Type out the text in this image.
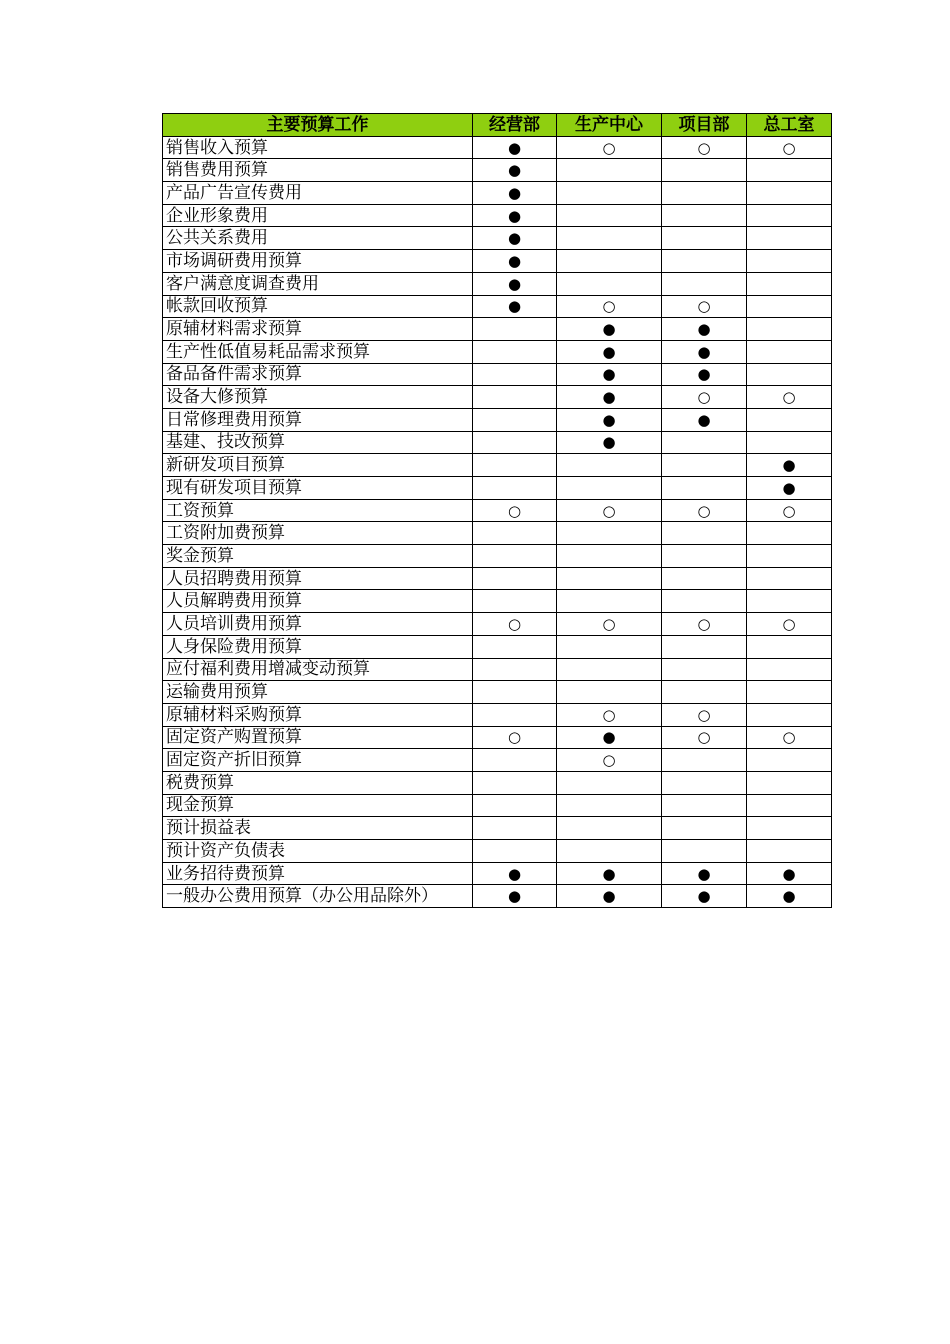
主要预算工作	经营部	生产中心	项目部	总工室
销售收入预算	●	○	○	○
销售费用预算	●			
产品广告宣传费用	●			
企业形象费用	●			
公共关系费用	●			
市场调研费用预算	●			
客户满意度调查费用	●			
帐款回收预算	●	○	○	
原辅材料需求预算		●	●	
生产性低值易耗品需求预算		●	●	
备品备件需求预算		●	●	
设备大修预算		●	○	○
日常修理费用预算		●	●	
基建、技改预算		●		
新研发项目预算				●
现有研发项目预算				●
工资预算	○	○	○	○
工资附加费预算				
奖金预算				
人员招聘费用预算				
人员解聘费用预算				
人员培训费用预算	○	○	○	○
人身保险费用预算				
应付福利费用增减变动预算				
运输费用预算				
原辅材料采购预算		○	○	
固定资产购置预算	○	●	○	○
固定资产折旧预算		○		
税费预算				
现金预算				
预计损益表				
预计资产负债表				
业务招待费预算	●	●	●	●
一般办公费用预算（办公用品除外）	●	●	●	●
